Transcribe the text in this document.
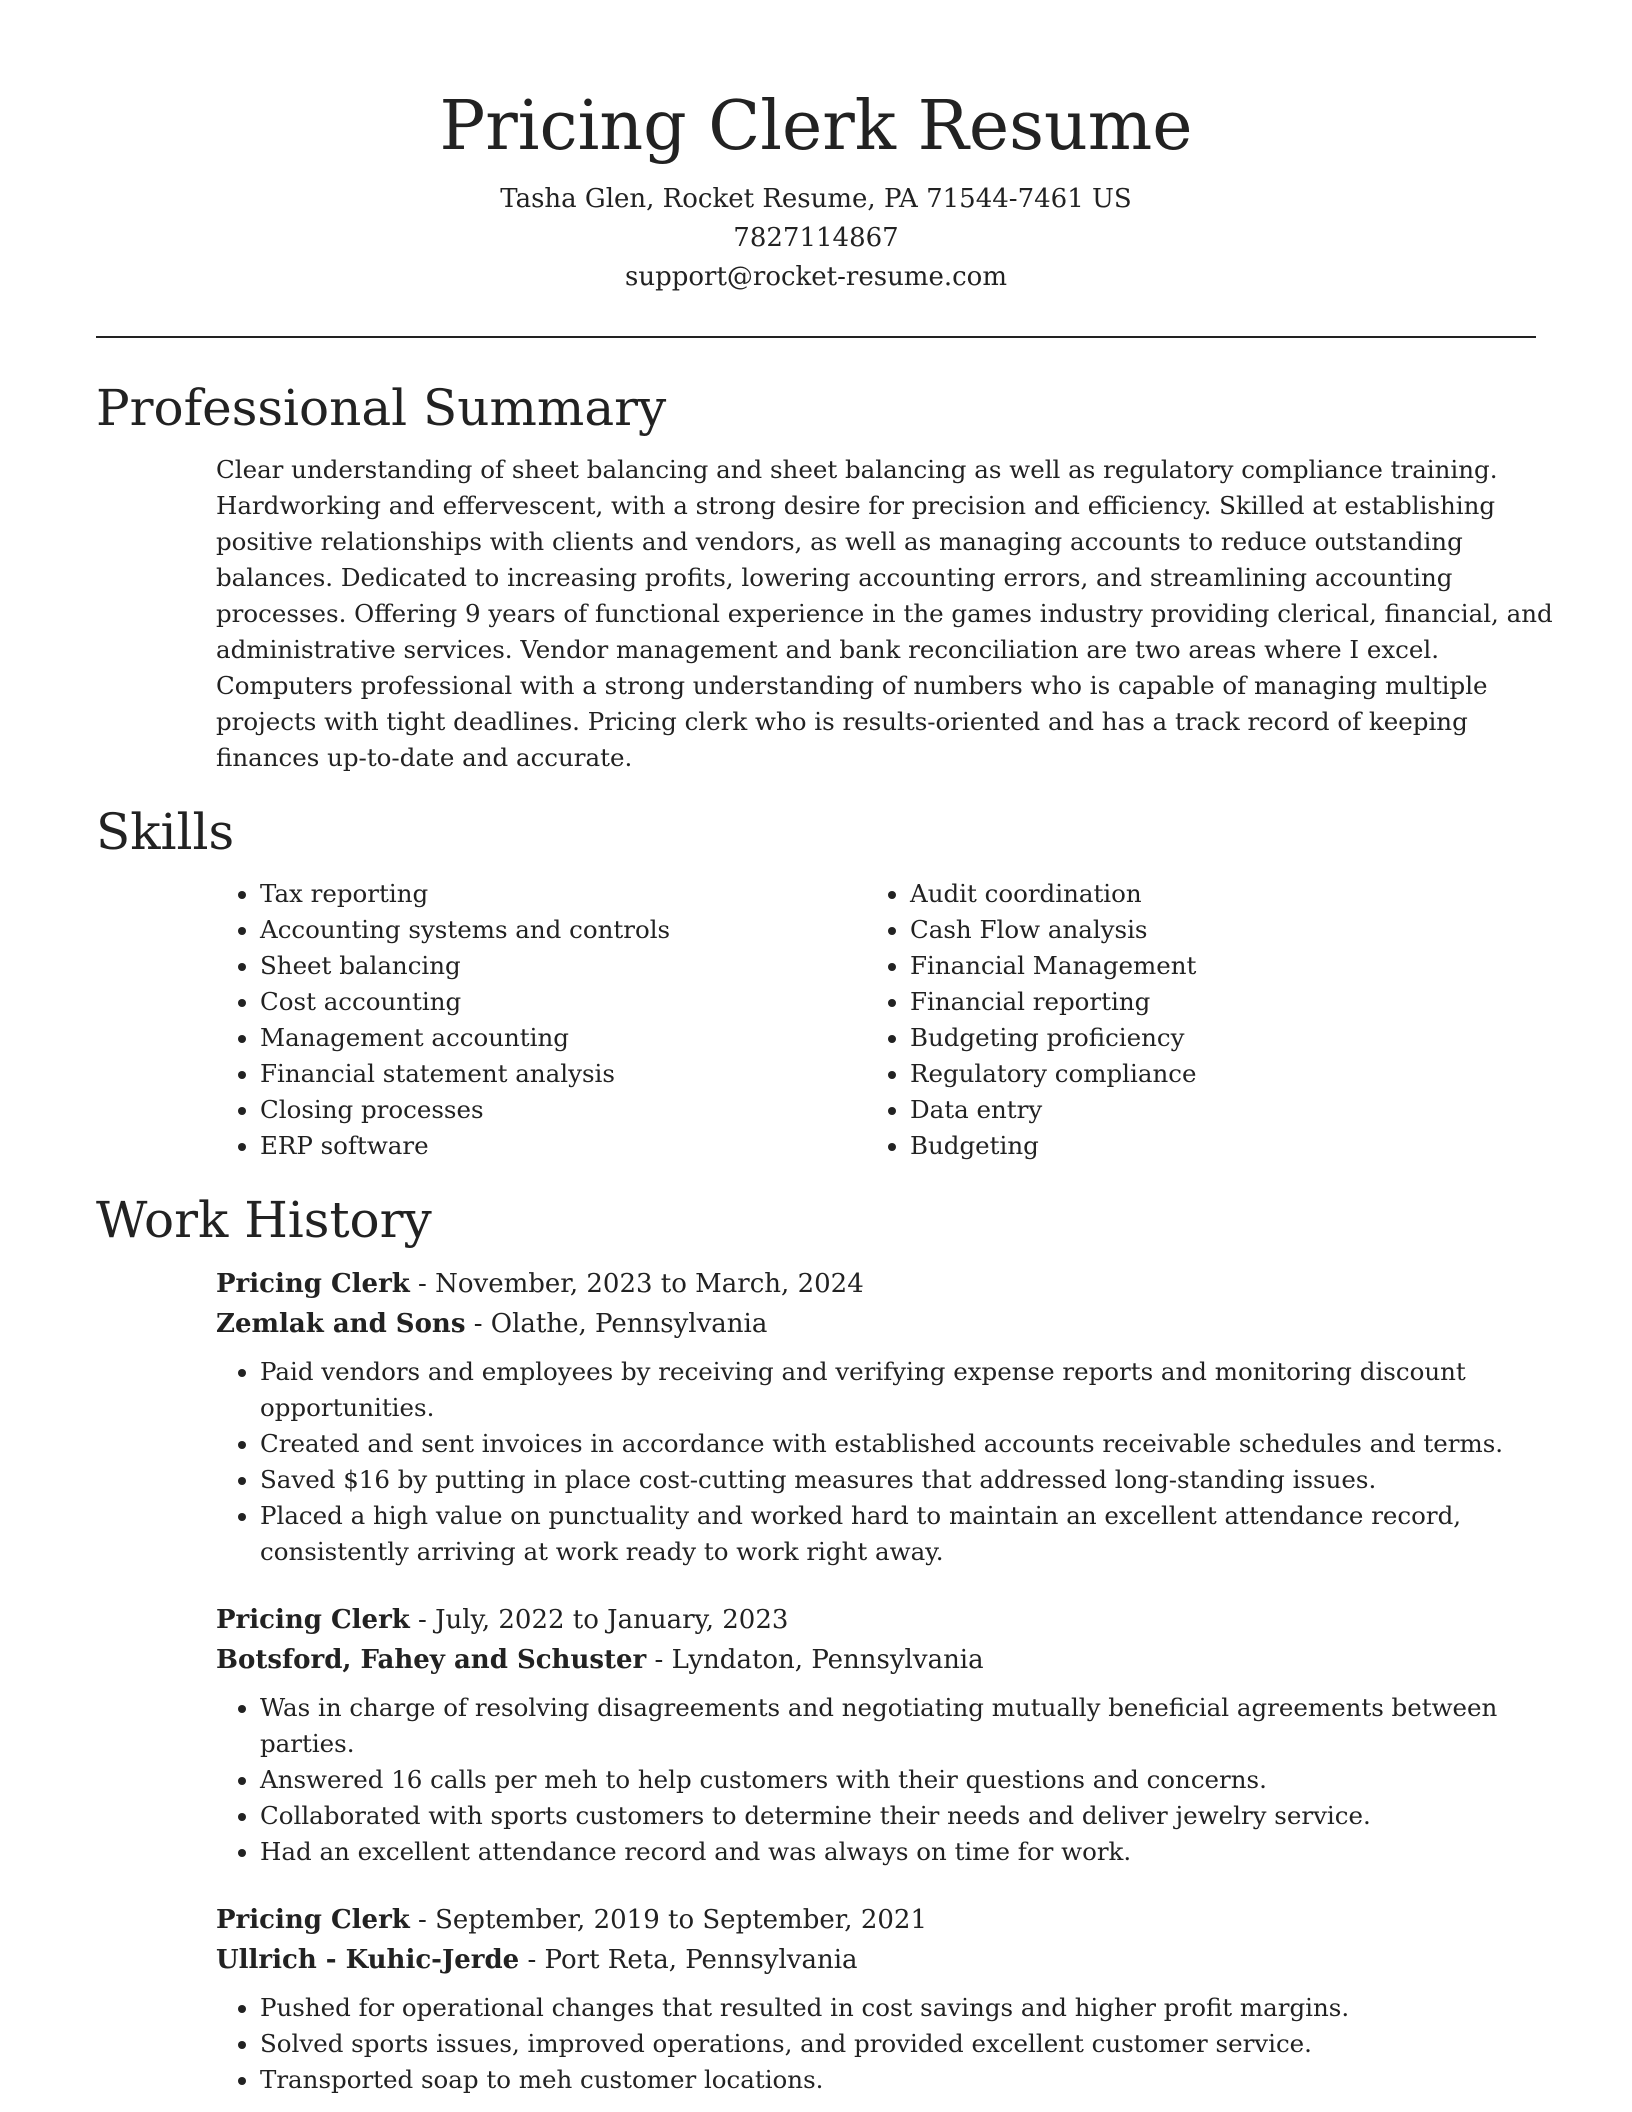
Pricing Clerk Resume
Tasha Glen, Rocket Resume, PA 71544-7461 US
7827114867
support@rocket-resume.com
Professional Summary

Clear understanding of sheet balancing and sheet balancing as well as regulatory compliance training. Hardworking and effervescent, with a strong desire for precision and efficiency. Skilled at establishing positive relationships with clients and vendors, as well as managing accounts to reduce outstanding balances. Dedicated to increasing profits, lowering accounting errors, and streamlining accounting processes. Offering 9 years of functional experience in the games industry providing clerical, financial, and administrative services. Vendor management and bank reconciliation are two areas where I excel. Computers professional with a strong understanding of numbers who is capable of managing multiple projects with tight deadlines. Pricing clerk who is results-oriented and has a track record of keeping finances up-to-date and accurate.

Skills
• Tax reporting
• Accounting systems and controls
• Sheet balancing
• Cost accounting
• Management accounting
• Financial statement analysis
• Closing processes
• ERP software
• Audit coordination
• Cash Flow analysis
• Financial Management
• Financial reporting
• Budgeting proficiency
• Regulatory compliance
• Data entry
• Budgeting
Work History
Pricing Clerk - November, 2023 to March, 2024
Zemlak and Sons - Olathe, Pennsylvania
• Paid vendors and employees by receiving and verifying expense reports and monitoring discount opportunities.
• Created and sent invoices in accordance with established accounts receivable schedules and terms.
• Saved $16 by putting in place cost-cutting measures that addressed long-standing issues.
• Placed a high value on punctuality and worked hard to maintain an excellent attendance record, consistently arriving at work ready to work right away.
Pricing Clerk - July, 2022 to January, 2023
Botsford, Fahey and Schuster - Lyndaton, Pennsylvania
• Was in charge of resolving disagreements and negotiating mutually beneficial agreements between parties.
• Answered 16 calls per meh to help customers with their questions and concerns.
• Collaborated with sports customers to determine their needs and deliver jewelry service.
• Had an excellent attendance record and was always on time for work.
Pricing Clerk - September, 2019 to September, 2021
Ullrich - Kuhic-Jerde - Port Reta, Pennsylvania
• Pushed for operational changes that resulted in cost savings and higher profit margins.
• Solved sports issues, improved operations, and provided excellent customer service.
• Transported soap to meh customer locations.
